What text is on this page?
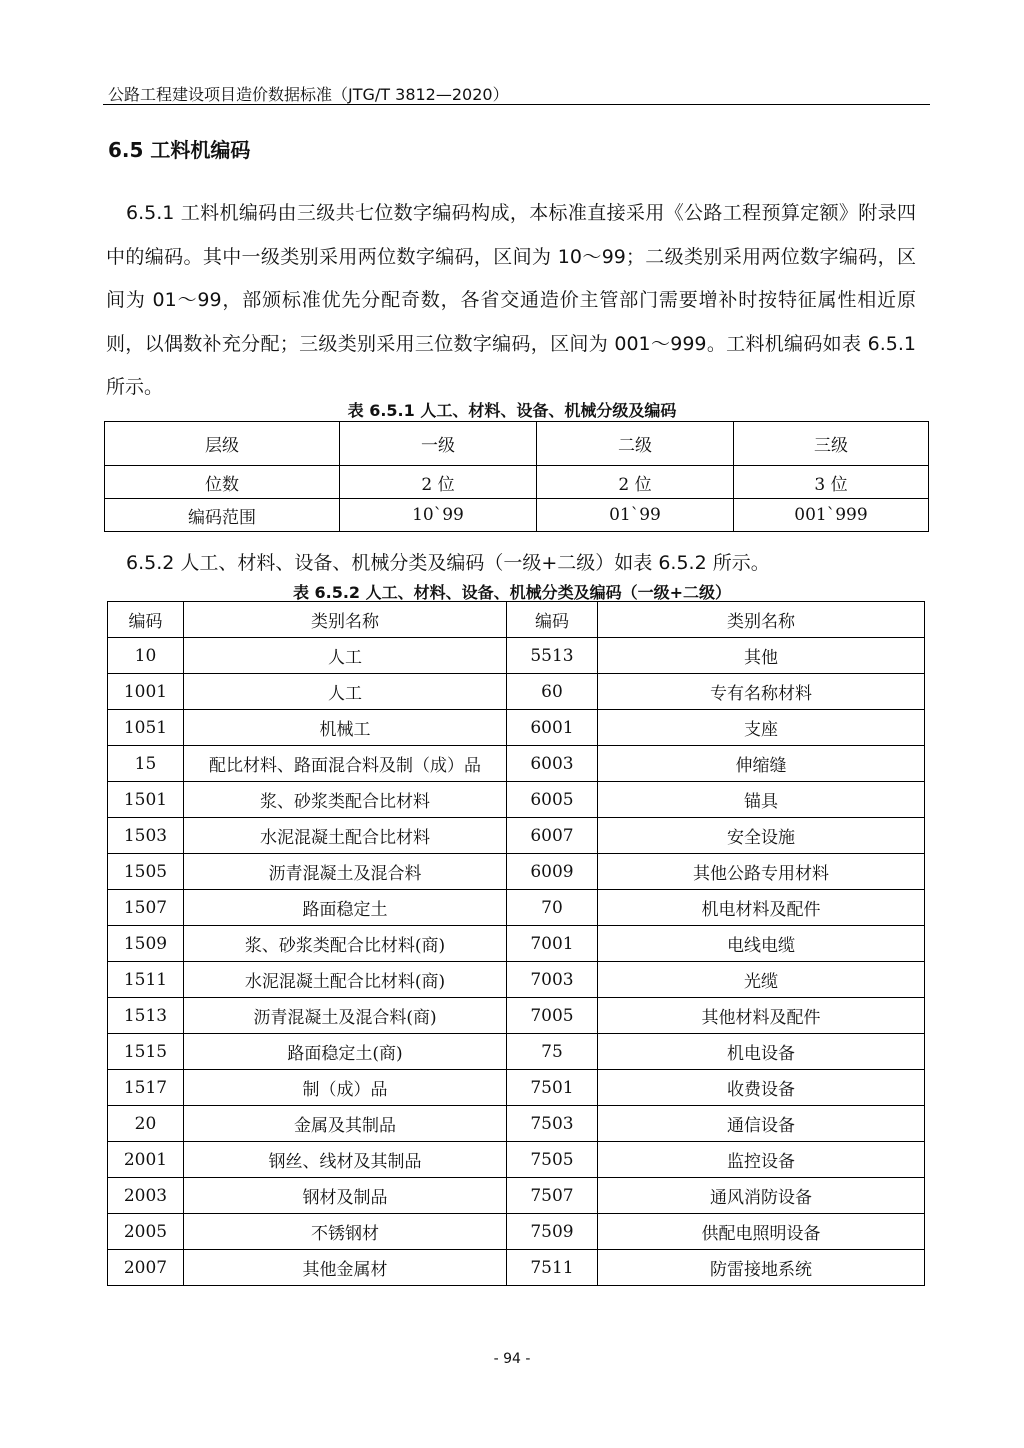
公路工程建设项目造价数据标准（JTG/T 3812—2020）
6.5 工料机编码
6.5.1 工料机编码由三级共七位数字编码构成，本标准直接采用《公路工程预算定额》附录四中的编码。其中一级类别采用两位数字编码，区间为 10～99；二级类别采用两位数字编码，区间为 01～99，部颁标准优先分配奇数，各省交通造价主管部门需要增补时按特征属性相近原则，以偶数补充分配；三级类别采用三位数字编码，区间为 001～999。工料机编码如表 6.5.1 所示。
表 6.5.1 人工、材料、设备、机械分级及编码
层级	一级	二级	三级
位数	2 位	2 位	3 位
编码范围	10`99	01`99	001`999
6.5.2 人工、材料、设备、机械分类及编码（一级+二级）如表 6.5.2 所示。
表 6.5.2 人工、材料、设备、机械分类及编码（一级+二级）
编码	类别名称	编码	类别名称
10	人工	5513	其他
1001	人工	60	专有名称材料
1051	机械工	6001	支座
15	配比材料、路面混合料及制（成）品	6003	伸缩缝
1501	浆、砂浆类配合比材料	6005	锚具
1503	水泥混凝土配合比材料	6007	安全设施
1505	沥青混凝土及混合料	6009	其他公路专用材料
1507	路面稳定土	70	机电材料及配件
1509	浆、砂浆类配合比材料(商)	7001	电线电缆
1511	水泥混凝土配合比材料(商)	7003	光缆
1513	沥青混凝土及混合料(商)	7005	其他材料及配件
1515	路面稳定土(商)	75	机电设备
1517	制（成）品	7501	收费设备
20	金属及其制品	7503	通信设备
2001	钢丝、线材及其制品	7505	监控设备
2003	钢材及制品	7507	通风消防设备
2005	不锈钢材	7509	供配电照明设备
2007	其他金属材	7511	防雷接地系统
- 94 -
